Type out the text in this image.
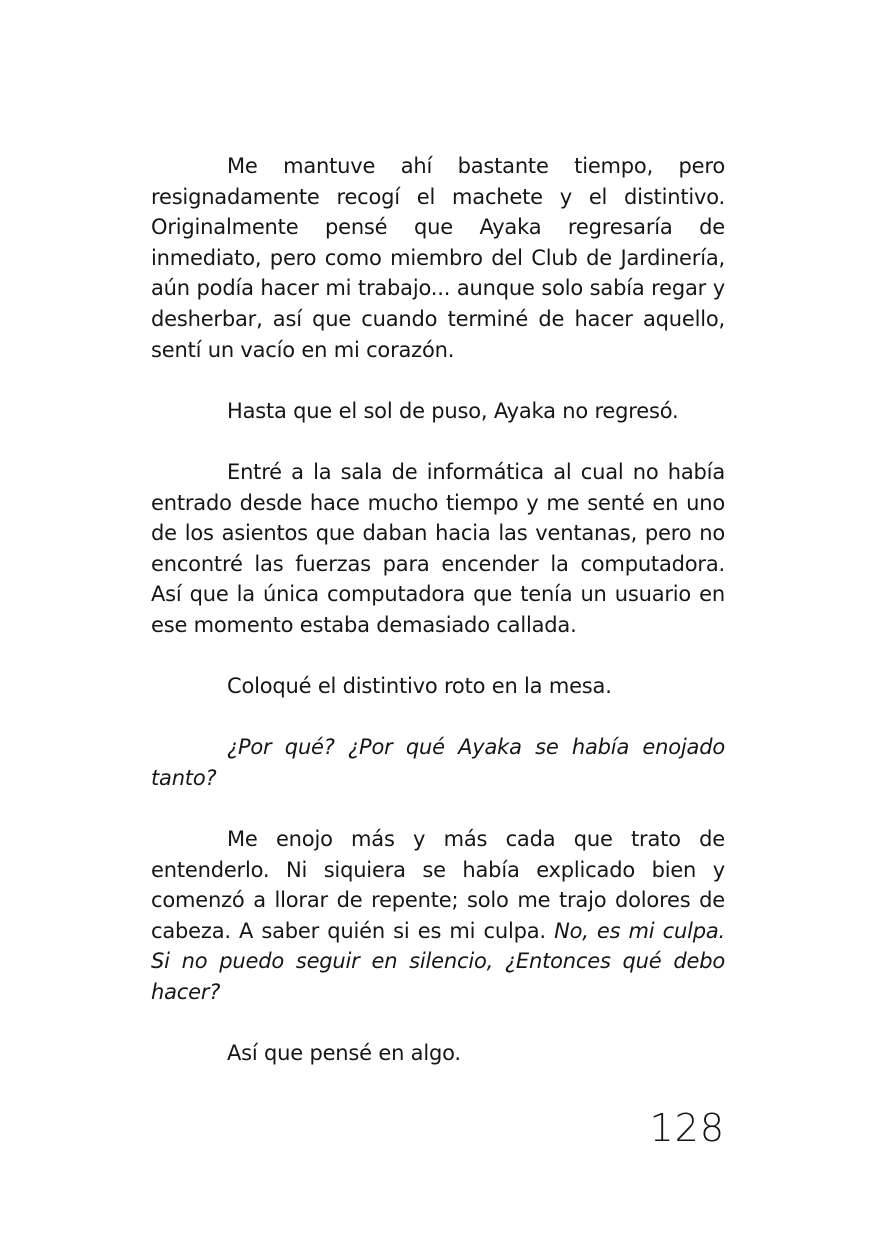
Me mantuve ahí bastante tiempo, pero resignadamente recogí el machete y el distintivo. Originalmente pensé que Ayaka regresaría de inmediato, pero como miembro del Club de Jardinería, aún podía hacer mi trabajo... aunque solo sabía regar y desherbar, así que cuando terminé de hacer aquello, sentí un vacío en mi corazón.

Hasta que el sol de puso, Ayaka no regresó.

Entré a la sala de informática al cual no había entrado desde hace mucho tiempo y me senté en uno de los asientos que daban hacia las ventanas, pero no encontré las fuerzas para encender la computadora. Así que la única computadora que tenía un usuario en ese momento estaba demasiado callada.

Coloqué el distintivo roto en la mesa.

¿Por qué? ¿Por qué Ayaka se había enojado tanto?

Me enojo más y más cada que trato de entenderlo. Ni siquiera se había explicado bien y comenzó a llorar de repente; solo me trajo dolores de cabeza. A saber quién si es mi culpa. No, es mi culpa. Si no puedo seguir en silencio, ¿Entonces qué debo hacer?

Así que pensé en algo.

128
